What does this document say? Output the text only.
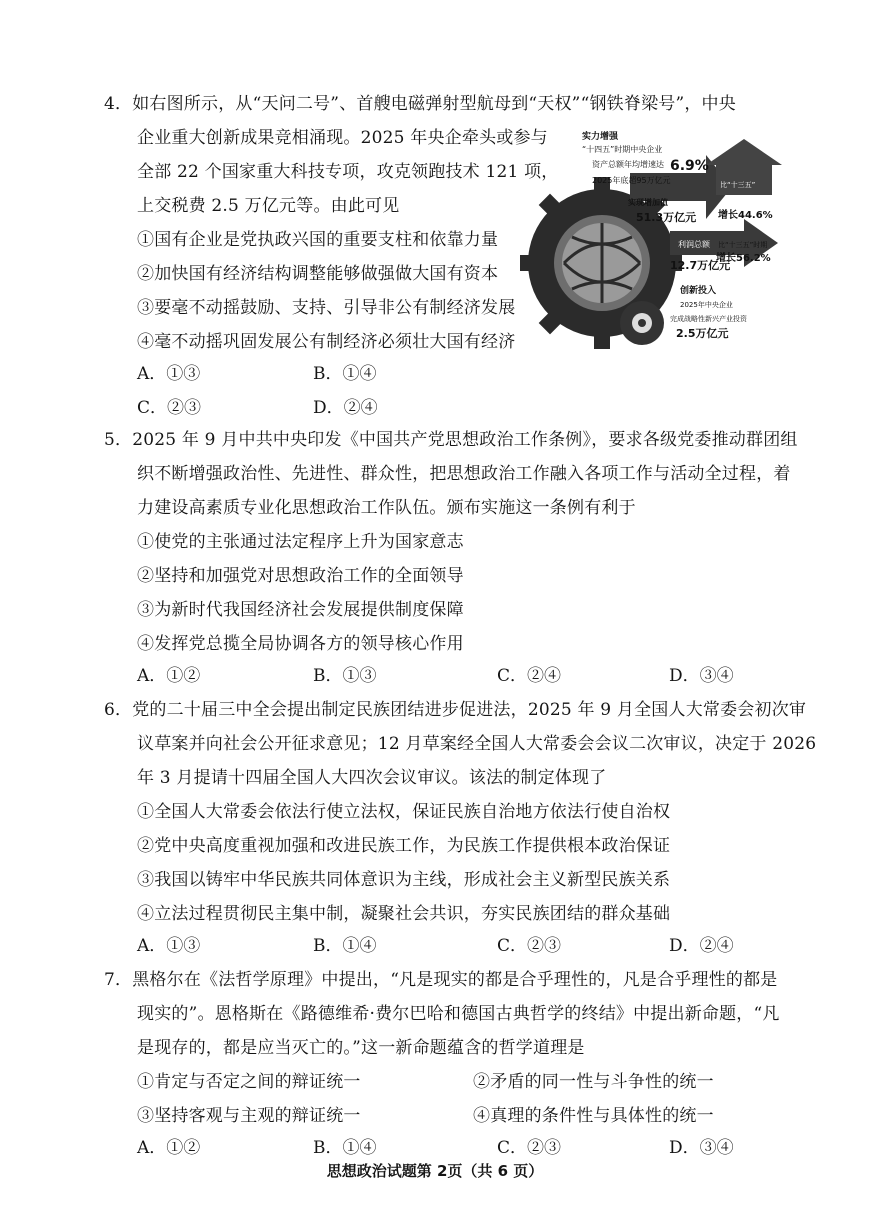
4．如右图所示，从“天问二号”、首艘电磁弹射型航母到“天权”“钢铁脊梁号”，中央
企业重大创新成果竞相涌现。2025 年央企牵头或参与
全部 22 个国家重大科技专项，攻克领跑技术 121 项，
上交税费 2.5 万亿元等。由此可见
①国有企业是党执政兴国的重要支柱和依靠力量
②加快国有经济结构调整能够做强做大国有资本
③要毫不动摇鼓励、支持、引导非公有制经济发展
④毫不动摇巩固发展公有制经济必须壮大国有经济
A．①③	B．①④
C．②③	D．②④
实力增强
“十四五”时期中央企业
资产总额年均增速达 6.9%
2025年底超95万亿元
实现增加值
51.3万亿元
比“十三五”
增长44.6%
利润总额
12.7万亿元
比“十三五”时期
增长56.2%
创新投入
2025年中央企业
完成战略性新兴产业投资
2.5万亿元
5．2025 年 9 月中共中央印发《中国共产党思想政治工作条例》，要求各级党委推动群团组
织不断增强政治性、先进性、群众性，把思想政治工作融入各项工作与活动全过程，着
力建设高素质专业化思想政治工作队伍。颁布实施这一条例有利于
①使党的主张通过法定程序上升为国家意志
②坚持和加强党对思想政治工作的全面领导
③为新时代我国经济社会发展提供制度保障
④发挥党总揽全局协调各方的领导核心作用
A．①②	B．①③	C．②④	D．③④
6．党的二十届三中全会提出制定民族团结进步促进法，2025 年 9 月全国人大常委会初次审
议草案并向社会公开征求意见；12 月草案经全国人大常委会会议二次审议，决定于 2026
年 3 月提请十四届全国人大四次会议审议。该法的制定体现了
①全国人大常委会依法行使立法权，保证民族自治地方依法行使自治权
②党中央高度重视加强和改进民族工作，为民族工作提供根本政治保证
③我国以铸牢中华民族共同体意识为主线，形成社会主义新型民族关系
④立法过程贯彻民主集中制，凝聚社会共识，夯实民族团结的群众基础
A．①③	B．①④	C．②③	D．②④
7．黑格尔在《法哲学原理》中提出，“凡是现实的都是合乎理性的，凡是合乎理性的都是
现实的”。恩格斯在《路德维希·费尔巴哈和德国古典哲学的终结》中提出新命题，“凡
是现存的，都是应当灭亡的。”这一新命题蕴含的哲学道理是
①肯定与否定之间的辩证统一	②矛盾的同一性与斗争性的统一
③坚持客观与主观的辩证统一	④真理的条件性与具体性的统一
A．①②	B．①④	C．②③	D．③④
思想政治试题第 2页（共 6 页）
